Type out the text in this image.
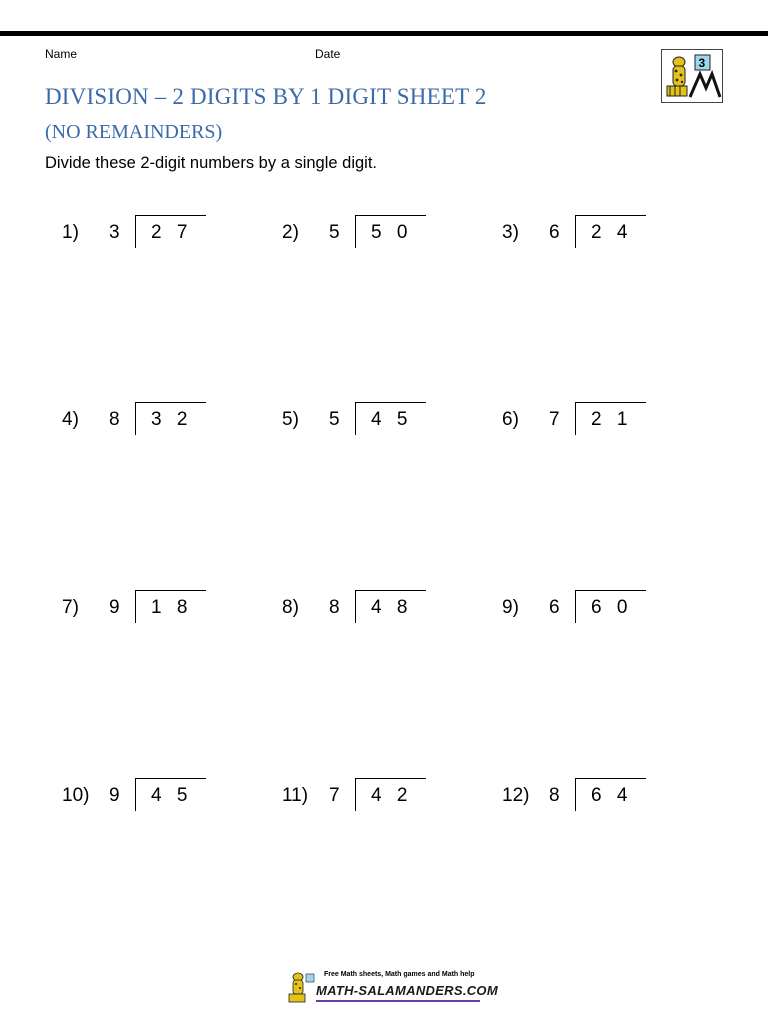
Name	Date
3
DIVISION – 2 DIGITS BY 1 DIGIT SHEET 2
(NO REMAINDERS)
Divide these 2-digit numbers by a single digit.
1) 3 2 7	2) 5 5 0	3) 6 2 4
4) 8 3 2	5) 5 4 5	6) 7 2 1
7) 9 1 8	8) 8 4 8	9) 6 6 0
10) 9 4 5	11) 7 4 2	12) 8 6 4
Free Math sheets, Math games and Math help
MATH-SALAMANDERS.COM
